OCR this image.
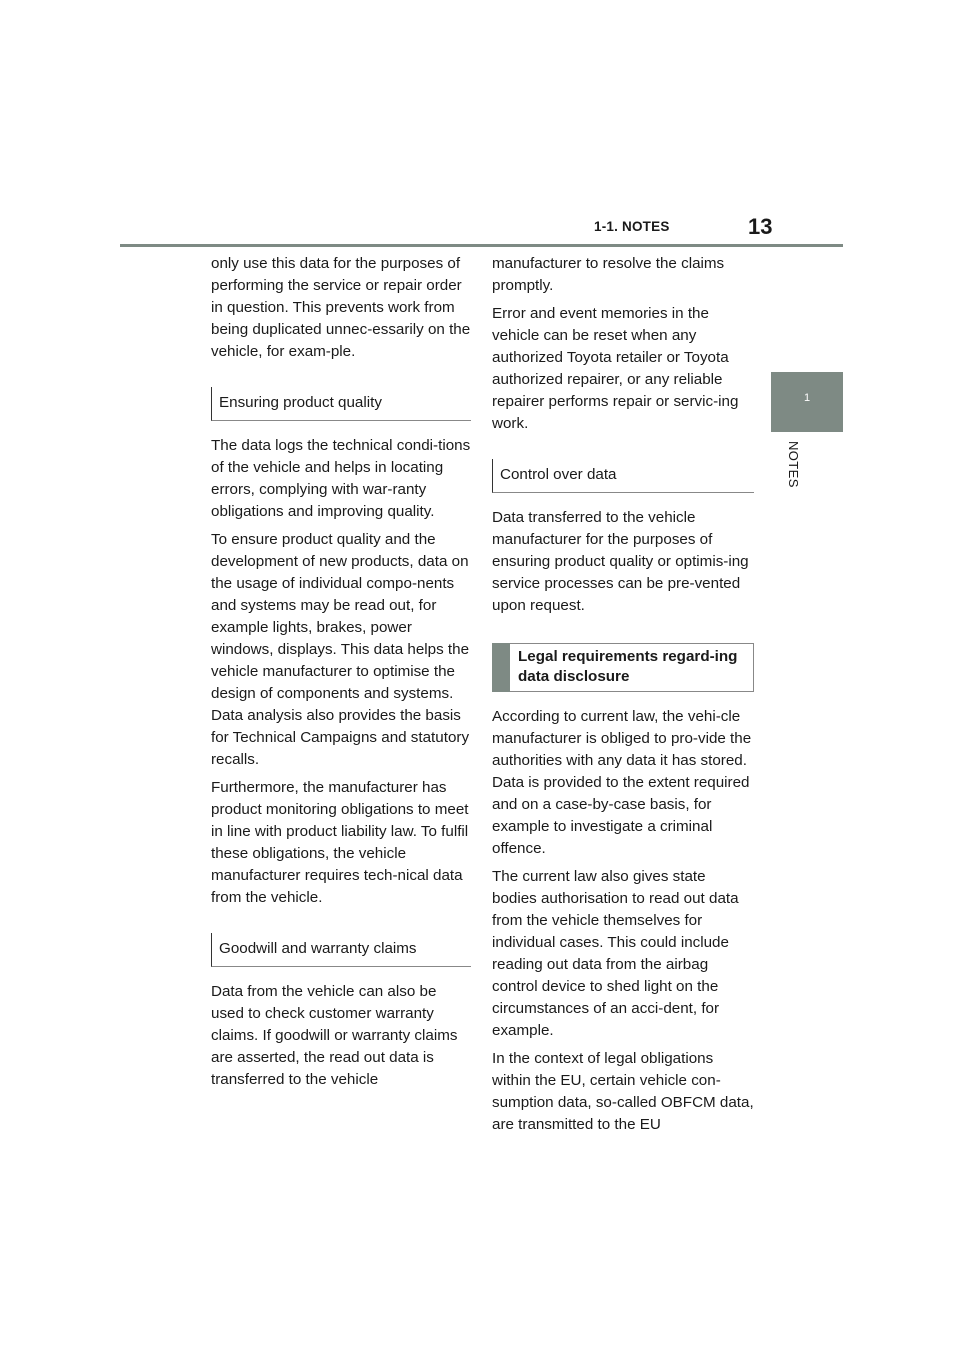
1-1. NOTES	13
1
NOTES

only use this data for the purposes of performing the service or repair order in question. This prevents work from being duplicated unnec-essarily on the vehicle, for exam-ple.

Ensuring product quality

The data logs the technical condi-tions of the vehicle and helps in locating errors, complying with war-ranty obligations and improving quality.

To ensure product quality and the development of new products, data on the usage of individual compo-nents and systems may be read out, for example lights, brakes, power windows, displays. This data helps the vehicle manufacturer to optimise the design of components and systems. Data analysis also provides the basis for Technical Campaigns and statutory recalls.

Furthermore, the manufacturer has product monitoring obligations to meet in line with product liability law. To fulfil these obligations, the vehicle manufacturer requires tech-nical data from the vehicle.

Goodwill and warranty claims

Data from the vehicle can also be used to check customer warranty claims. If goodwill or warranty claims are asserted, the read out data is transferred to the vehicle

manufacturer to resolve the claims promptly.

Error and event memories in the vehicle can be reset when any authorized Toyota retailer or Toyota authorized repairer, or any reliable repairer performs repair or servic-ing work.

Control over data

Data transferred to the vehicle manufacturer for the purposes of ensuring product quality or optimis-ing service processes can be pre-vented upon request.

Legal requirements regard-ing data disclosure

According to current law, the vehi-cle manufacturer is obliged to pro-vide the authorities with any data it has stored. Data is provided to the extent required and on a case-by-case basis, for example to investigate a criminal offence.

The current law also gives state bodies authorisation to read out data from the vehicle themselves for individual cases. This could include reading out data from the airbag control device to shed light on the circumstances of an acci-dent, for example.

In the context of legal obligations within the EU, certain vehicle con-sumption data, so-called OBFCM data, are transmitted to the EU
